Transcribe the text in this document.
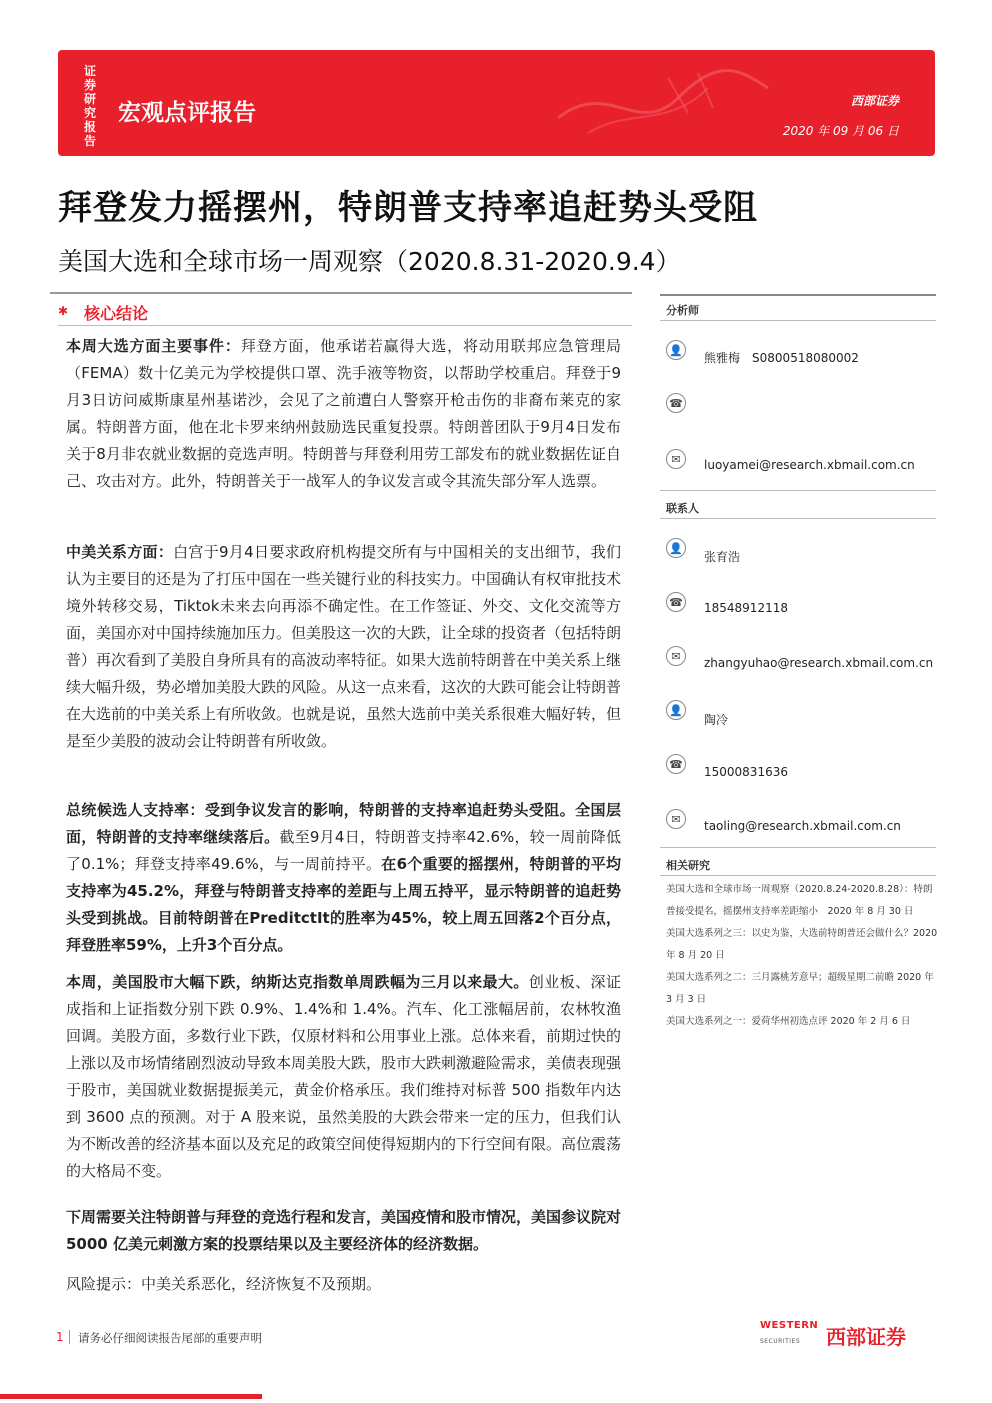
证券研究报告
宏观点评报告	西部证券
2020 年 09 月 06 日
拜登发力摇摆州，特朗普支持率追赶势头受阻
美国大选和全球市场一周观察（2020.8.31-2020.9.4）
✱ 核心结论

本周大选方面主要事件：拜登方面，他承诺若赢得大选，将动用联邦应急管理局（FEMA）数十亿美元为学校提供口罩、洗手液等物资，以帮助学校重启。拜登于9月3日访问威斯康星州基诺沙，会见了之前遭白人警察开枪击伤的非裔布莱克的家属。特朗普方面，他在北卡罗来纳州鼓励选民重复投票。特朗普团队于9月4日发布关于8月非农就业数据的竞选声明。特朗普与拜登利用劳工部发布的就业数据佐证自己、攻击对方。此外，特朗普关于一战军人的争议发言或令其流失部分军人选票。

中美关系方面：白宫于9月4日要求政府机构提交所有与中国相关的支出细节，我们认为主要目的还是为了打压中国在一些关键行业的科技实力。中国确认有权审批技术境外转移交易，Tiktok未来去向再添不确定性。在工作签证、外交、文化交流等方面，美国亦对中国持续施加压力。但美股这一次的大跌，让全球的投资者（包括特朗普）再次看到了美股自身所具有的高波动率特征。如果大选前特朗普在中美关系上继续大幅升级，势必增加美股大跌的风险。从这一点来看，这次的大跌可能会让特朗普在大选前的中美关系上有所收敛。也就是说，虽然大选前中美关系很难大幅好转，但是至少美股的波动会让特朗普有所收敛。

总统候选人支持率：受到争议发言的影响，特朗普的支持率追赶势头受阻。全国层面，特朗普的支持率继续落后。截至9月4日，特朗普支持率42.6%，较一周前降低了0.1%；拜登支持率49.6%，与一周前持平。在6个重要的摇摆州，特朗普的平均支持率为45.2%，拜登与特朗普支持率的差距与上周五持平，显示特朗普的追赶势头受到挑战。目前特朗普在PreditctIt的胜率为45%，较上周五回落2个百分点，拜登胜率59%，上升3个百分点。

本周，美国股市大幅下跌，纳斯达克指数单周跌幅为三月以来最大。创业板、深证成指和上证指数分别下跌 0.9%、1.4%和 1.4%。汽车、化工涨幅居前，农林牧渔回调。美股方面，多数行业下跌，仅原材料和公用事业上涨。总体来看，前期过快的上涨以及市场情绪剧烈波动导致本周美股大跌，股市大跌刺激避险需求，美债表现强于股市，美国就业数据提振美元，黄金价格承压。我们维持对标普 500 指数年内达到 3600 点的预测。对于 A 股来说，虽然美股的大跌会带来一定的压力，但我们认为不断改善的经济基本面以及充足的政策空间使得短期内的下行空间有限。高位震荡的大格局不变。

下周需要关注特朗普与拜登的竞选行程和发言，美国疫情和股市情况，美国参议院对 5000 亿美元刺激方案的投票结果以及主要经济体的经济数据。

风险提示：中美关系恶化，经济恢复不及预期。

分析师
👤
熊雅梅　 S0800518080002
☎
✉	luoyamei@research.xbmail.com.cn
联系人
👤
张育浩
☎ 18548912118
✉	zhangyuhao@research.xbmail.com.cn
👤
陶冷
☎
15000831636
✉	taoling@research.xbmail.com.cn
相关研究
美国大选和全球市场一周观察（2020.8.24-2020.8.28）：特朗普接受提名，摇摆州支持率差距缩小　2020 年 8 月 30 日
美国大选系列之三：以史为鉴，大选前特朗普还会做什么？2020 年 8 月 20 日
美国大选系列之二：三月露桃芳意早；超级星期二前瞻 2020 年 3 月 3 日
美国大选系列之一：爱荷华州初选点评 2020 年 2 月 6 日
1 请务必仔细阅读报告尾部的重要声明
WESTERN
SECURITIES 西部证券
